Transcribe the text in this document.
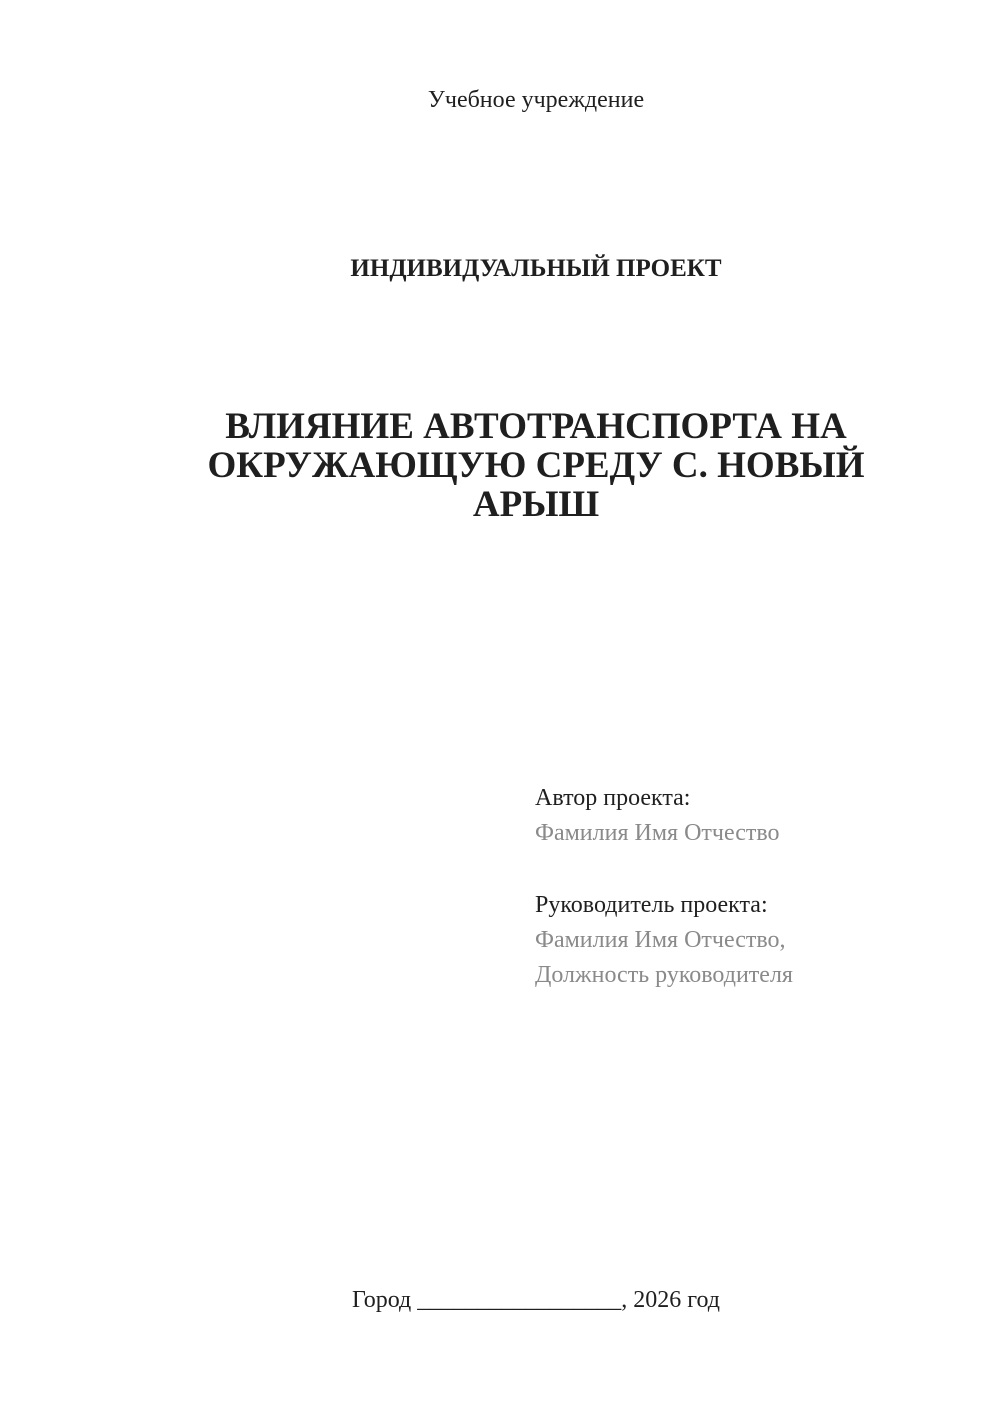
Учебное учреждение
ИНДИВИДУАЛЬНЫЙ ПРОЕКТ
ВЛИЯНИЕ АВТОТРАНСПОРТА НА ОКРУЖАЮЩУЮ СРЕДУ С. НОВЫЙ АРЫШ
Автор проекта:
Фамилия Имя Отчество
Руководитель проекта:
Фамилия Имя Отчество,
Должность руководителя
Город _________________, 2026 год
